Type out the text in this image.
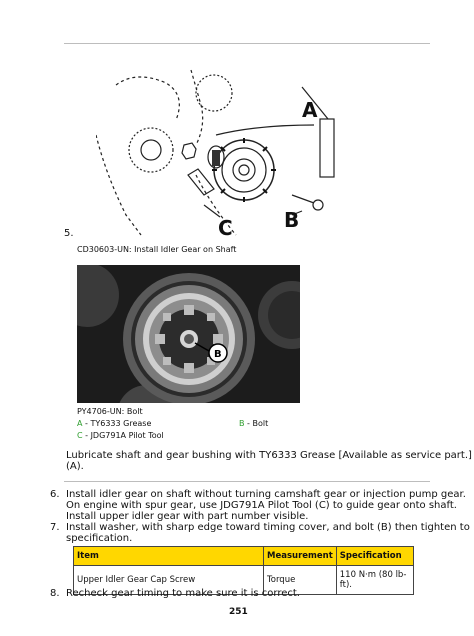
A
B
C
5.
CD30603-UN: Install Idler Gear on Shaft
B
PY4706-UN: Bolt
A - TY6333 Grease	B - Bolt
C - JDG791A Pilot Tool
Lubricate shaft and gear bushing with TY6333 Grease [Available as service part.]
(A).
6. Install idler gear on shaft without turning camshaft gear or injection pump gear.
On engine with spur gear, use JDG791A Pilot Tool (C) to guide gear onto shaft.
Install upper idler gear with part number visible.
7. Install washer, with sharp edge toward timing cover, and bolt (B) then tighten to
specification.
Item	Measurement	Specification
Upper Idler Gear Cap Screw	Torque	110 N·m (80 lb-ft).
8. Recheck gear timing to make sure it is correct.
251
